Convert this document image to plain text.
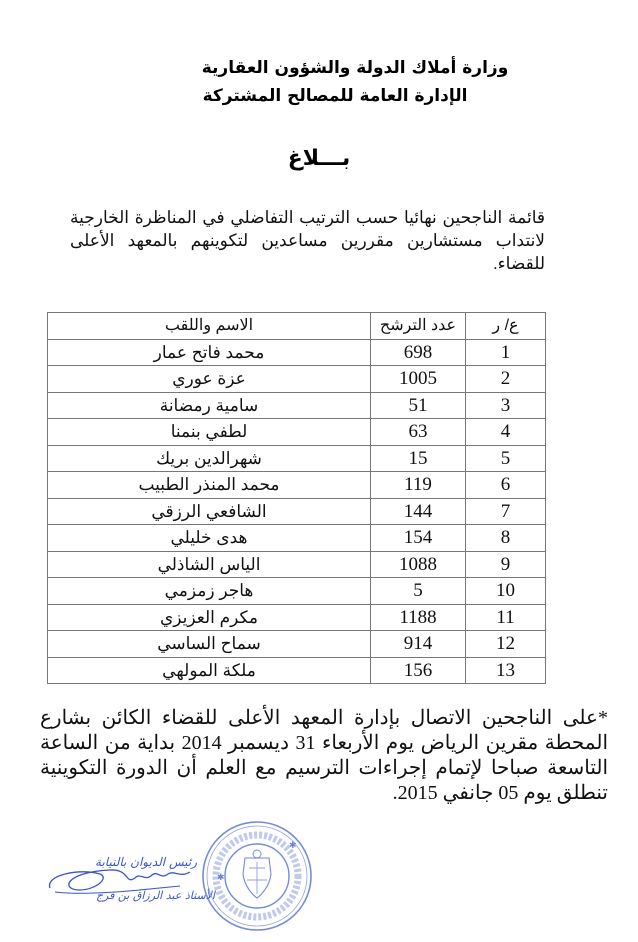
وزارة أملاك الدولة والشؤون العقارية
الإدارة العامة للمصالح المشتركة
بـــلاغ
قائمة الناجحين نهائيا حسب الترتيب التفاضلي في المناظرة الخارجية لانتداب مستشارين مقررين مساعدين لتكوينهم بالمعهد الأعلى للقضاء.
ع/ ر	عدد الترشح	الاسم واللقب
1	698	محمد فاتح عمار
2	1005	عزة عوري
3	51	سامية رمضانة
4	63	لطفي بنمنا
5	15	شهرالدين بريك
6	119	محمد المنذر الطبيب
7	144	الشافعي الرزقي
8	154	هدى خليلي
9	1088	الياس الشاذلي
10	5	هاجر زمزمي
11	1188	مكرم العزيزي
12	914	سماح الساسي
13	156	ملكة المولهي
*على الناجحين الاتصال بإدارة المعهد الأعلى للقضاء الكائن بشارع المحطة مقرين الرياض يوم الأربعاء 31 ديسمبر 2014 بداية من الساعة التاسعة صباحا لإتمام إجراءات الترسيم مع العلم أن الدورة التكوينية تنطلق يوم 05 جانفي 2015.
رئيس الديوان بالنيابة
الأستاذ عبد الرزاق بن فرج
✱
✱
